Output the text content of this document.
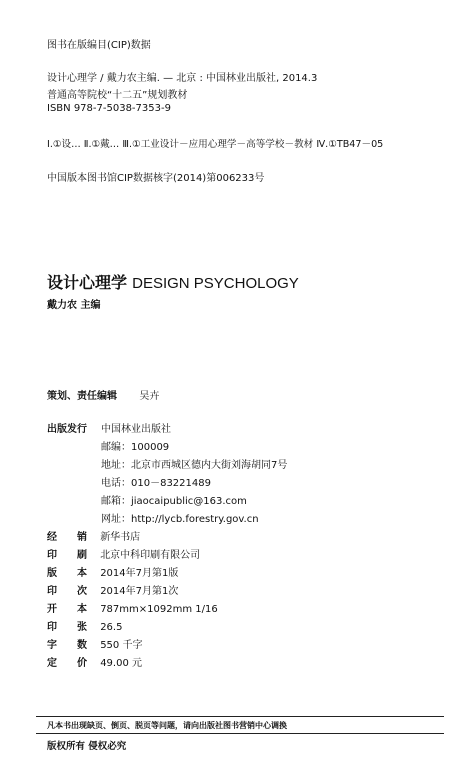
图书在版编目(CIP)数据
设计心理学 / 戴力农主编. — 北京 : 中国林业出版社, 2014.3
普通高等院校“十二五”规划教材
ISBN 978-7-5038-7353-9
Ⅰ.①设… Ⅱ.①戴… Ⅲ.①工业设计－应用心理学－高等学校－教材 Ⅳ.①TB47－05
中国版本图书馆CIP数据核字(2014)第006233号
设计心理学 DESIGN PSYCHOLOGY
戴力农 主编
策划、责任编辑 吴卉
出版发行 中国林业出版社
邮编：100009
地址：北京市西城区德内大街刘海胡同7号
电话：010－83221489
邮箱：jiaocaipublic@163.com
网址：http://lycb.forestry.gov.cn
经 销 新华书店
印 刷 北京中科印刷有限公司
版 本 2014年7月第1版
印 次 2014年7月第1次
开 本 787mm×1092mm 1/16
印 张 26.5
字 数 550 千字
定 价 49.00 元
凡本书出现缺页、倒页、脱页等问题，请向出版社图书营销中心调换
版权所有 侵权必究
